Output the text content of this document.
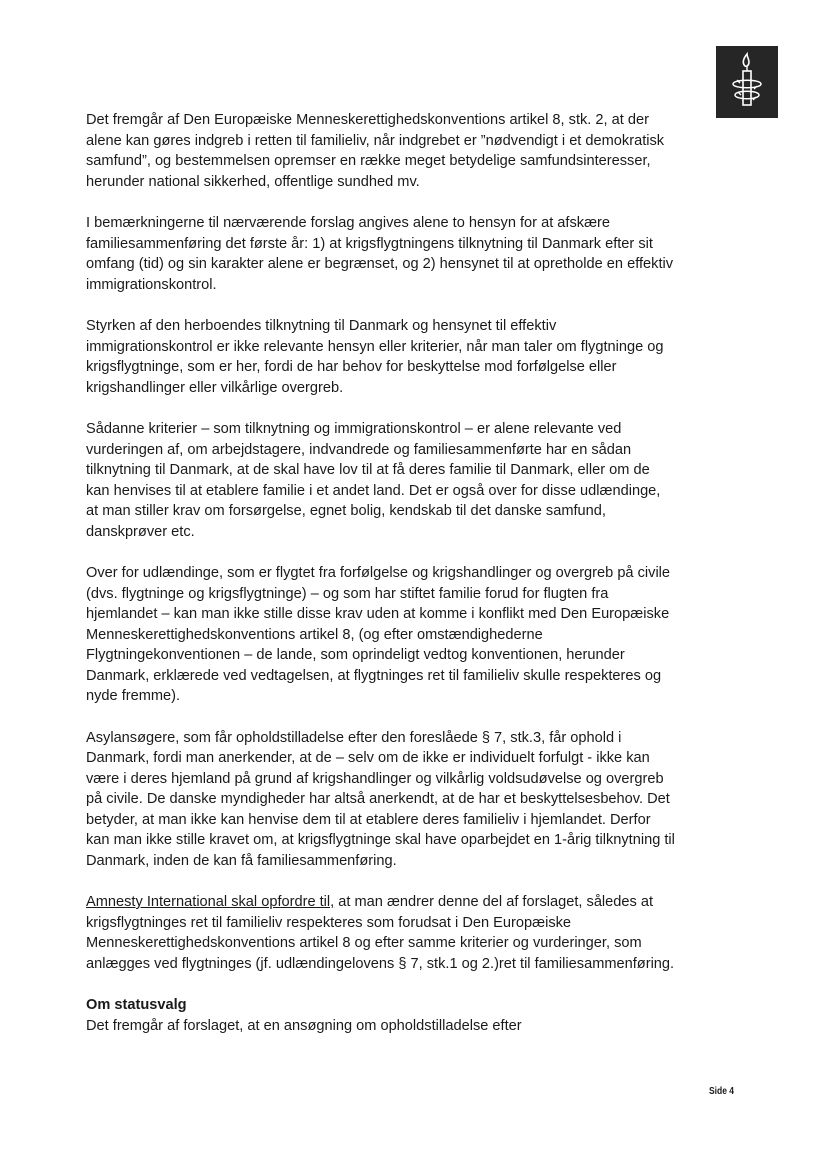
Det fremgår af Den Europæiske Menneskerettighedskonventions artikel 8, stk. 2, at der alene kan gøres indgreb i retten til familieliv, når indgrebet er ”nødvendigt i et demokratisk samfund”, og bestemmelsen opremser en række meget betydelige samfundsinteresser, herunder national sikkerhed, offentlige sundhed mv.

I bemærkningerne til nærværende forslag angives alene to hensyn for at afskære familiesammenføring det første år: 1) at krigsflygtningens tilknytning til Danmark efter sit omfang (tid) og sin karakter alene er begrænset, og 2) hensynet til at opretholde en effektiv immigrationskontrol.

Styrken af den herboendes tilknytning til Danmark og hensynet til effektiv immigrationskontrol er ikke relevante hensyn eller kriterier, når man taler om flygtninge og krigsflygtninge, som er her, fordi de har behov for beskyttelse mod forfølgelse eller krigshandlinger eller vilkårlige overgreb.

Sådanne kriterier – som tilknytning og immigrationskontrol – er alene relevante ved vurderingen af, om arbejdstagere, indvandrede og familiesammenførte har en sådan tilknytning til Danmark, at de skal have lov til at få deres familie til Danmark, eller om de kan henvises til at etablere familie i et andet land. Det er også over for disse udlændinge, at man stiller krav om forsørgelse, egnet bolig, kendskab til det danske samfund, danskprøver etc.

Over for udlændinge, som er flygtet fra forfølgelse og krigshandlinger og overgreb på civile (dvs. flygtninge og krigsflygtninge) – og som har stiftet familie forud for flugten fra hjemlandet – kan man ikke stille disse krav uden at komme i konflikt med Den Europæiske Menneskerettighedskonventions artikel 8, (og efter omstændighederne Flygtningekonventionen – de lande, som oprindeligt vedtog konventionen, herunder Danmark, erklærede ved vedtagelsen, at flygtninges ret til familieliv skulle respekteres og nyde fremme).

Asylansøgere, som får opholdstilladelse efter den foreslåede § 7, stk.3, får ophold i Danmark, fordi man anerkender, at de – selv om de ikke er individuelt forfulgt - ikke kan være i deres hjemland på grund af krigshandlinger og vilkårlig voldsudøvelse og overgreb på civile. De danske myndigheder har altså anerkendt, at de har et beskyttelsesbehov. Det betyder, at man ikke kan henvise dem til at etablere deres familieliv i hjemlandet. Derfor kan man ikke stille kravet om, at krigsflygtninge skal have oparbejdet en 1-årig tilknytning til Danmark, inden de kan få familiesammenføring.

Amnesty International skal opfordre til, at man ændrer denne del af forslaget, således at krigsflygtninges ret til familieliv respekteres som forudsat i Den Europæiske Menneskerettighedskonventions artikel 8 og efter samme kriterier og vurderinger, som anlægges ved flygtninges (jf. udlændingelovens § 7, stk.1 og 2.)ret til familiesammenføring.

Om statusvalg

Det fremgår af forslaget, at en ansøgning om opholdstilladelse efter

Side 4
